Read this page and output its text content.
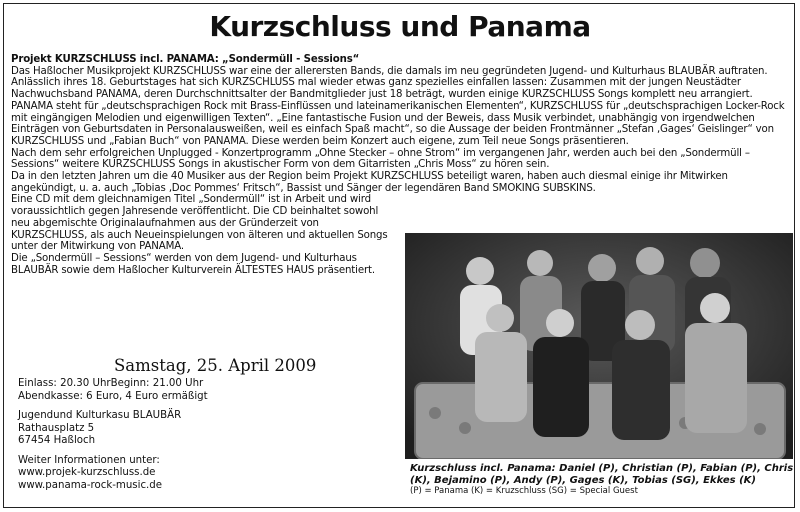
Kurzschluss und Panama
Projekt KURZSCHLUSS incl. PANAMA: „Sondermüll - Sessions“
Das Haßlocher Musikprojekt KURZSCHLUSS war eine der allerersten Bands, die damals im neu gegründeten Jugend- und Kulturhaus BLAUBÄR auftraten. Anlässlich ihres 18. Geburtstages hat sich KURZSCHLUSS mal wieder etwas ganz spezielles einfallen lassen: Zusammen mit der jungen Neustädter Nachwuchsband PANAMA, deren Durchschnittsalter der Bandmitglieder just 18 beträgt, wurden einige KURZSCHLUSS Songs komplett neu arrangiert. PANAMA steht für „deutschsprachigen Rock mit Brass-Einflüssen und lateinamerikanischen Elementen“, KURZSCHLUSS für „deutschsprachigen Locker-Rock mit eingängigen Melodien und eigenwilligen Texten“. „Eine fantastische Fusion und der Beweis, dass Musik verbindet, unabhängig von irgendwelchen Einträgen von Geburtsdaten in Personalausweißen, weil es einfach Spaß macht“, so die Aussage der beiden Frontmänner „Stefan ‚Gages‘ Geislinger“ von KURZSCHLUSS und „Fabian Buch“ von PANAMA. Diese werden beim Konzert auch eigene, zum Teil neue Songs präsentieren.
Nach dem sehr erfolgreichen Unplugged - Konzertprogramm „Ohne Stecker – ohne Strom“ im vergangenen Jahr, werden auch bei den „Sondermüll – Sessions“ weitere KURZSCHLUSS Songs in akustischer Form von dem Gitarristen „Chris Moss“ zu hören sein.
Da in den letzten Jahren um die 40 Musiker aus der Region beim Projekt KURZSCHLUSS beteiligt waren, haben auch diesmal einige ihr Mitwirken angekündigt, u. a. auch „Tobias ‚Doc Pommes‘ Fritsch“, Bassist und Sänger der legendären Band SMOKING SUBSKINS.
Eine CD mit dem gleichnamigen Titel „Sondermüll“ ist in Arbeit und wird voraussichtlich gegen Jahresende veröffentlicht. Die CD beinhaltet sowohl neu abgemischte Originalaufnahmen aus der Gründerzeit von KURZSCHLUSS, als auch Neueinspielungen von älteren und aktuellen Songs unter der Mitwirkung von PANAMA.
Die „Sondermüll – Sessions“ werden von dem Jugend- und Kulturhaus BLAUBÄR sowie dem Haßlocher Kulturverein ÄLTESTES HAUS präsentiert.
Samstag, 25. April 2009
Einlass: 20.30 UhrBeginn: 21.00 Uhr
Abendkasse: 6 Euro, 4 Euro ermäßigt
Jugendund Kulturkasu BLAUBÄR
Rathausplatz 5
67454 Haßloch
Weiter Informationen unter:
www.projek-kurzschluss.de
www.panama-rock-music.de
Kurzschluss incl. Panama: Daniel (P), Christian (P), Fabian (P), Chris (K), Bejamino (P), Andy (P), Gages (K), Tobias (SG), Ekkes (K)
(P) = Panama (K) = Kruzschluss (SG) = Special Guest
